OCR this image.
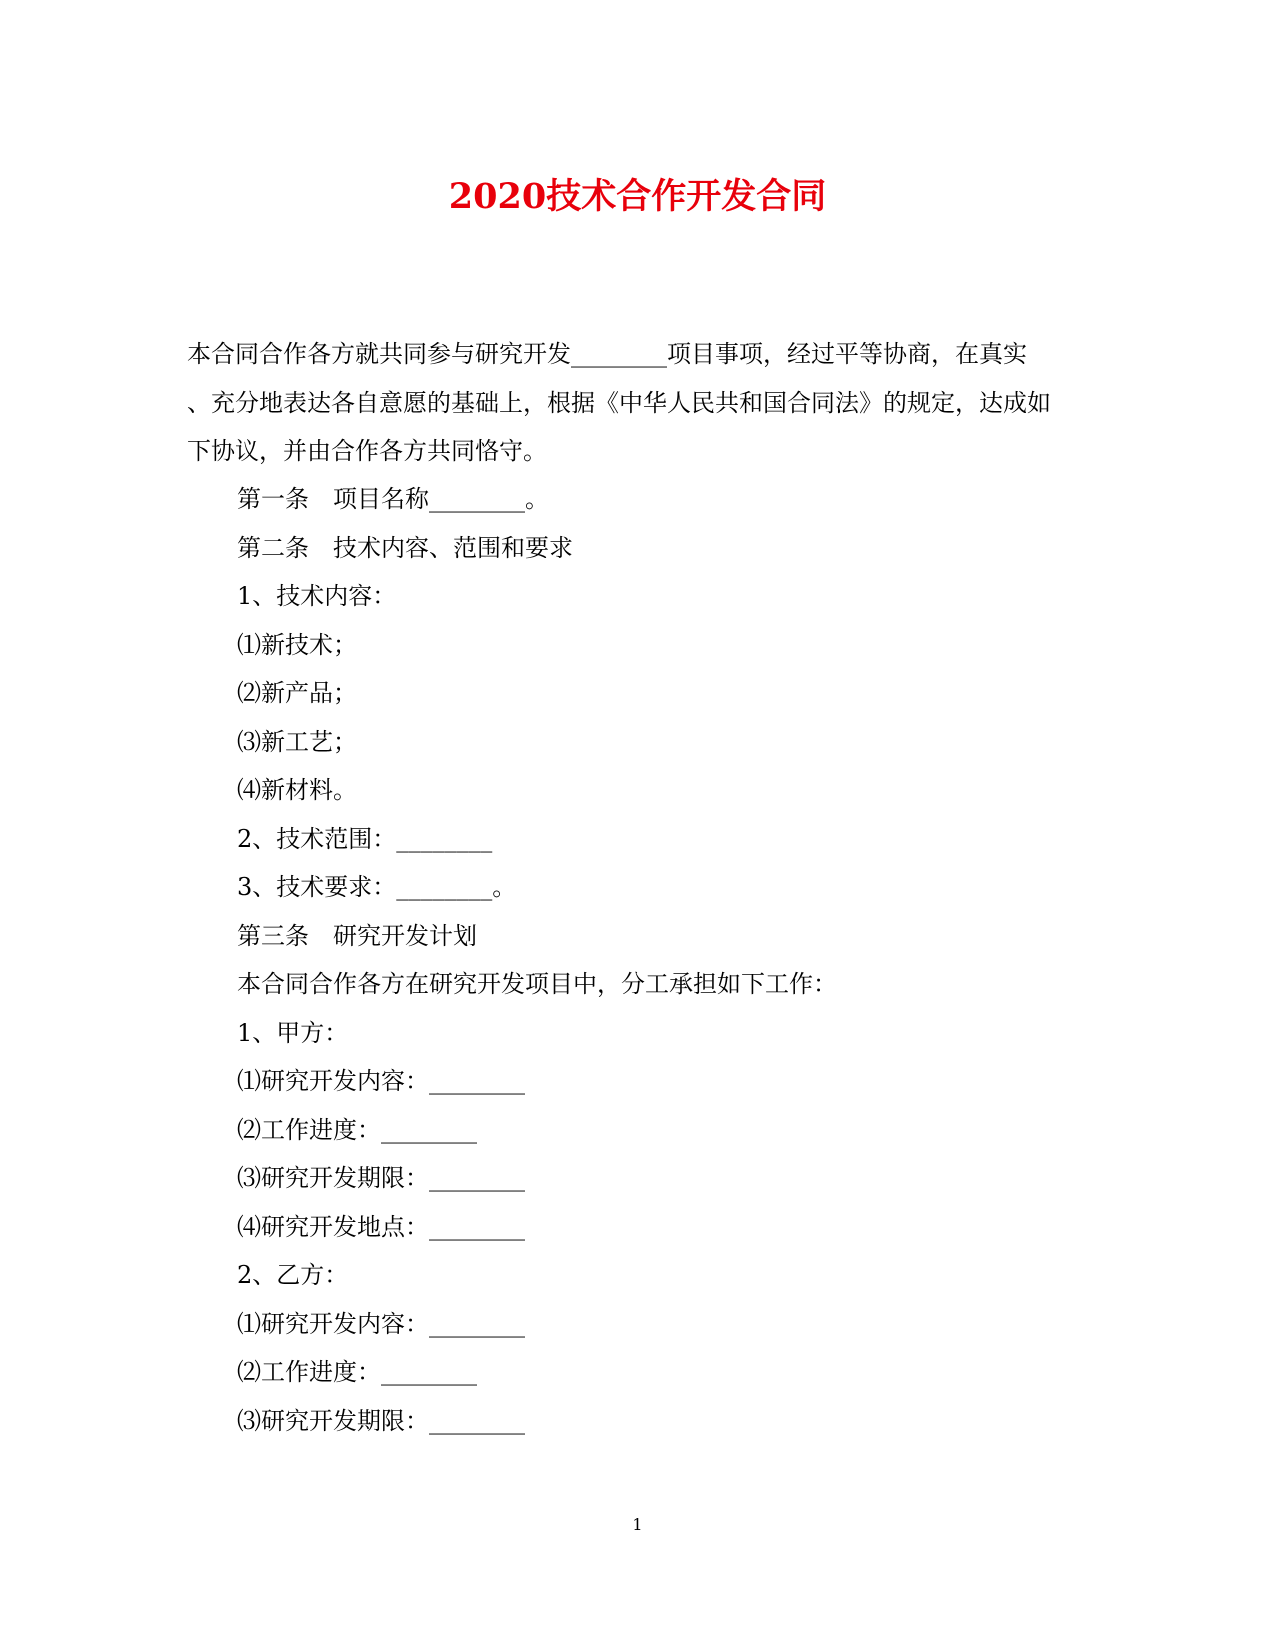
2020技术合作开发合同
本合同合作各方就共同参与研究开发________项目事项，经过平等协商，在真实
、充分地表达各自意愿的基础上，根据《中华人民共和国合同法》的规定，达成如
下协议，并由合作各方共同恪守。
第一条　项目名称________。
第二条　技术内容、范围和要求
1、技术内容：
⑴新技术；
⑵新产品；
⑶新工艺；
⑷新材料。
2、技术范围：________
3、技术要求：________。
第三条　研究开发计划
本合同合作各方在研究开发项目中，分工承担如下工作：
1、甲方：
⑴研究开发内容：________
⑵工作进度：________
⑶研究开发期限：________
⑷研究开发地点：________
2、乙方：
⑴研究开发内容：________
⑵工作进度：________
⑶研究开发期限：________
1
